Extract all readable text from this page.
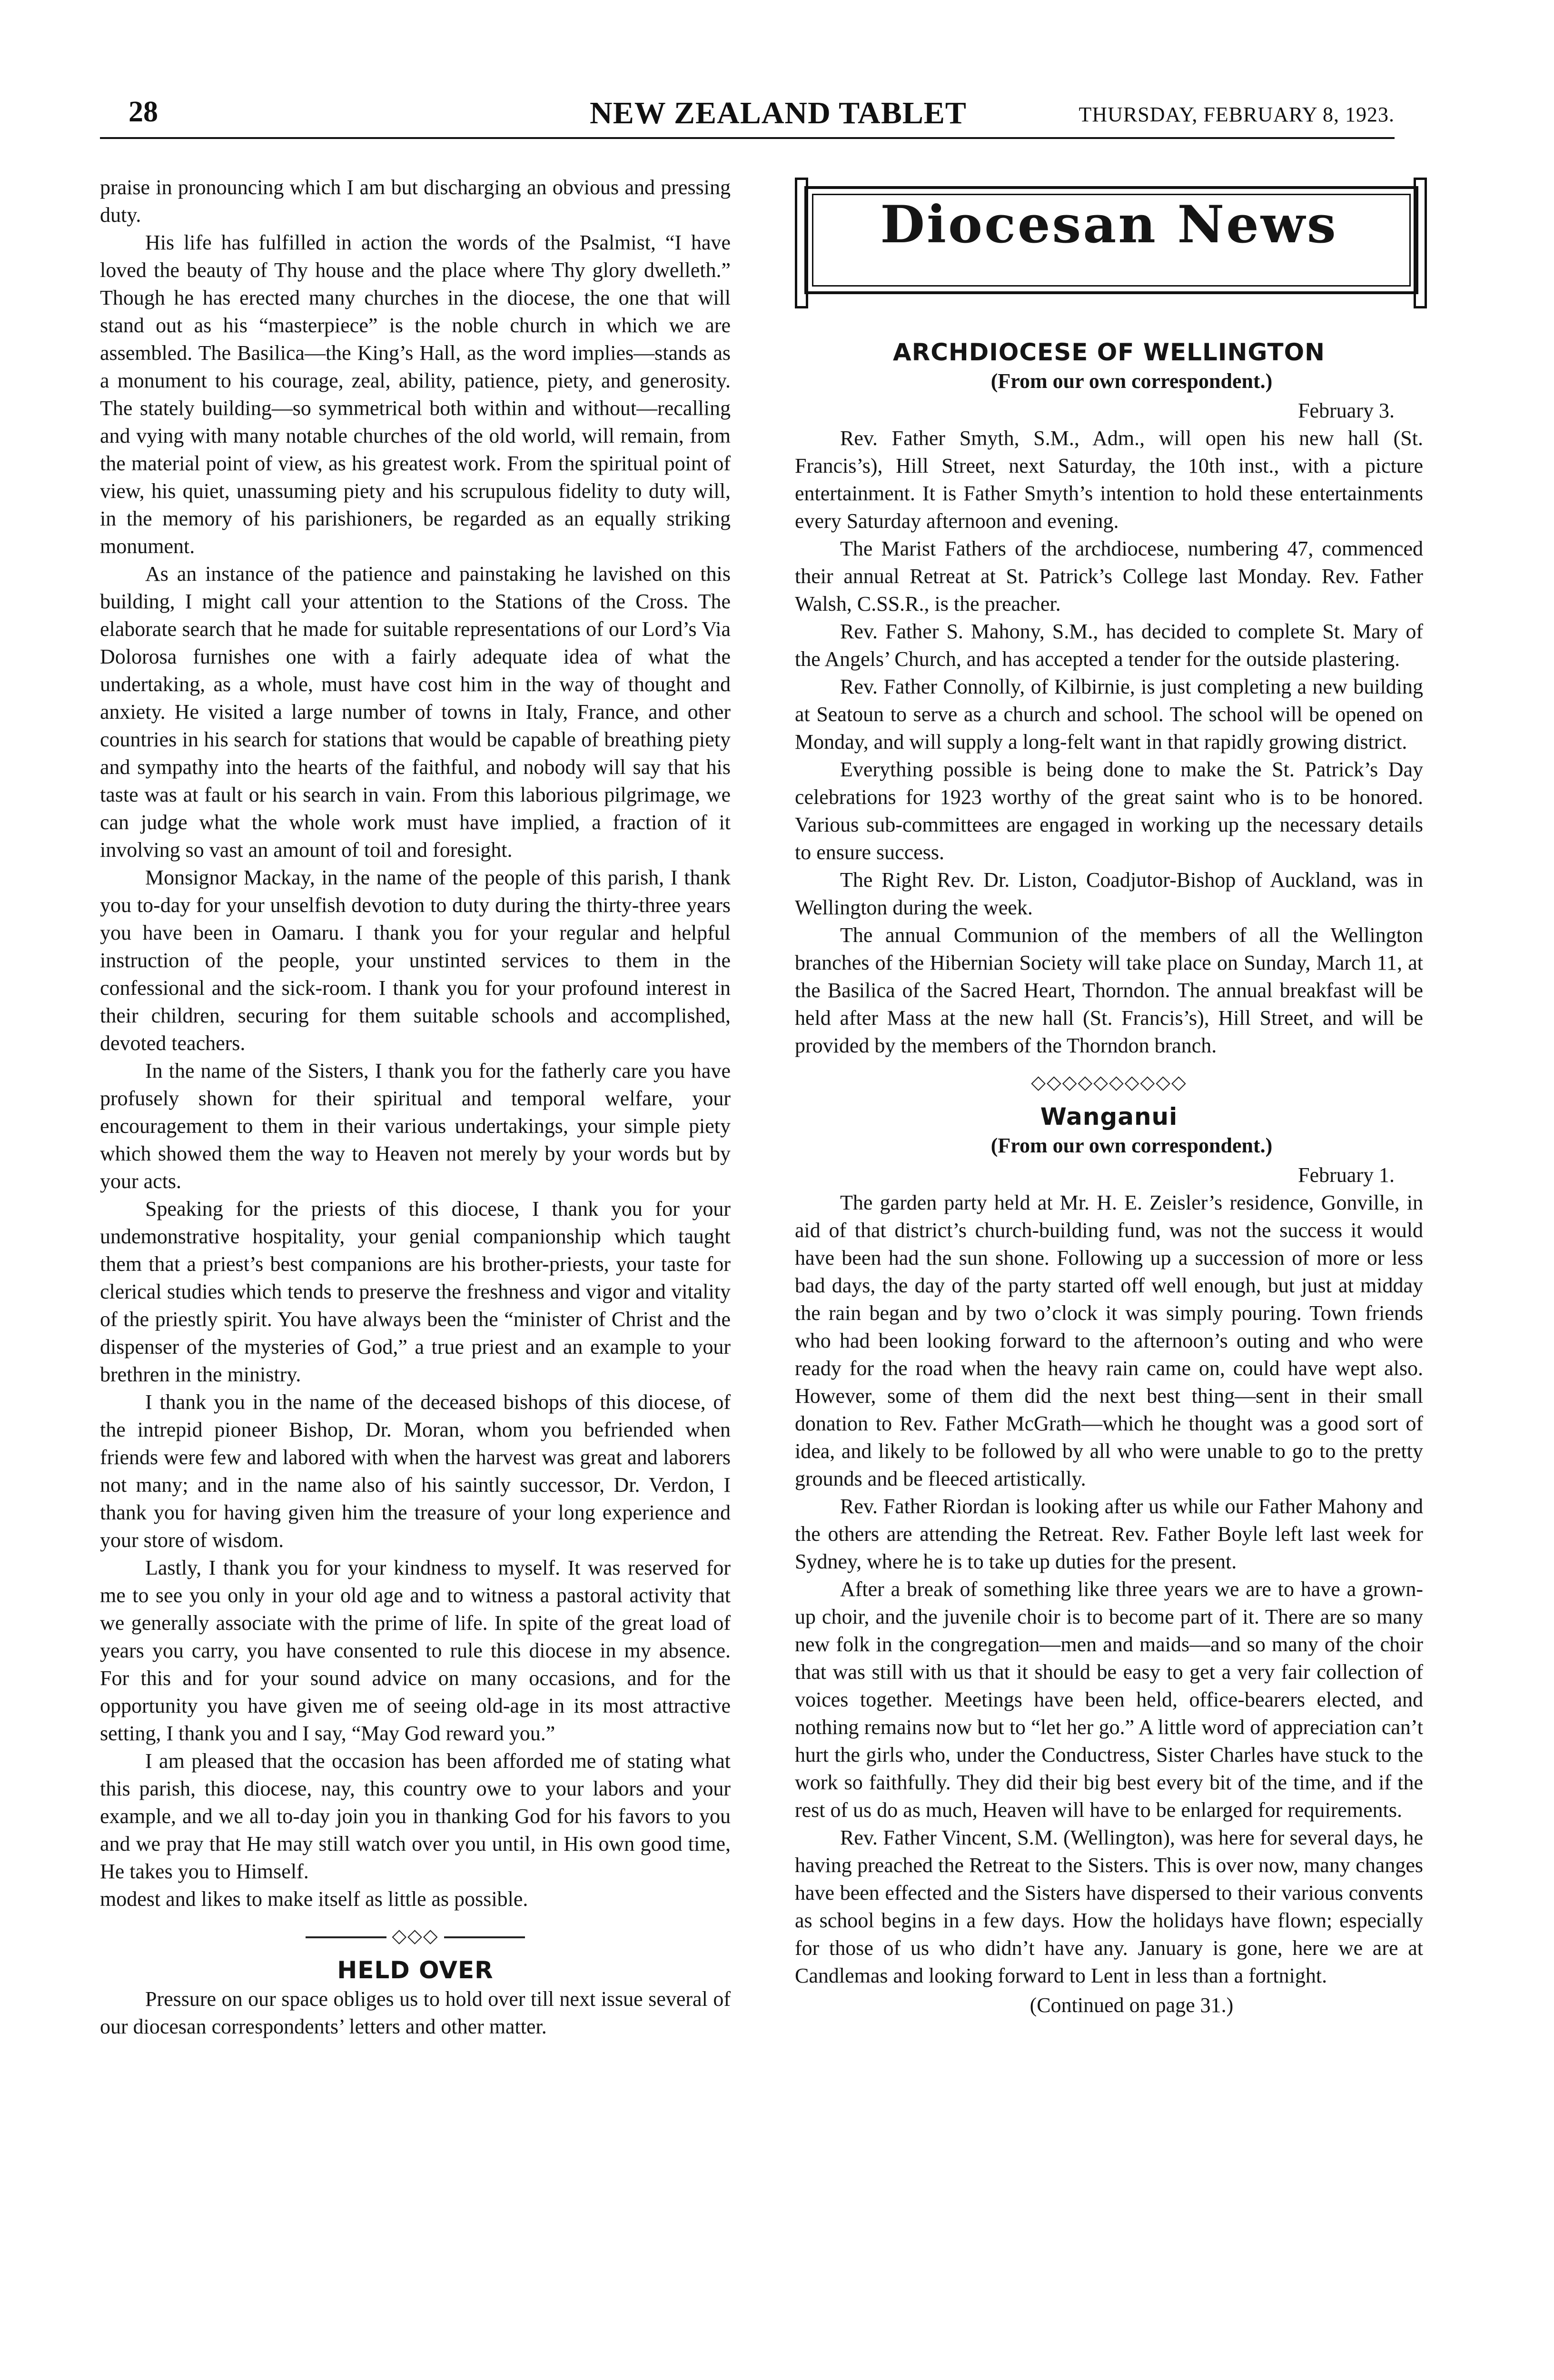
28	NEW ZEALAND TABLET	THURSDAY, FEBRUARY 8, 1923.

praise in pronouncing which I am but discharging an obvious and pressing duty.

His life has fulfilled in action the words of the Psalmist, “I have loved the beauty of Thy house and the place where Thy glory dwelleth.” Though he has erected many churches in the diocese, the one that will stand out as his “masterpiece” is the noble church in which we are assembled. The Basilica—the King’s Hall, as the word implies—stands as a monument to his courage, zeal, ability, patience, piety, and generosity. The stately building—so symmetrical both within and without—recalling and vying with many notable churches of the old world, will remain, from the material point of view, as his greatest work. From the spiritual point of view, his quiet, unassuming piety and his scrupulous fidelity to duty will, in the memory of his parishioners, be regarded as an equally striking monument.

As an instance of the patience and painstaking he lavished on this building, I might call your attention to the Stations of the Cross. The elaborate search that he made for suitable representations of our Lord’s Via Dolorosa furnishes one with a fairly adequate idea of what the undertaking, as a whole, must have cost him in the way of thought and anxiety. He visited a large number of towns in Italy, France, and other countries in his search for stations that would be capable of breathing piety and sympathy into the hearts of the faithful, and nobody will say that his taste was at fault or his search in vain. From this laborious pilgrimage, we can judge what the whole work must have implied, a fraction of it involving so vast an amount of toil and foresight.

Monsignor Mackay, in the name of the people of this parish, I thank you to-day for your unselfish devotion to duty during the thirty-three years you have been in Oamaru. I thank you for your regular and helpful instruction of the people, your unstinted services to them in the confessional and the sick-room. I thank you for your profound interest in their children, securing for them suitable schools and accomplished, devoted teachers.

In the name of the Sisters, I thank you for the fatherly care you have profusely shown for their spiritual and temporal welfare, your encouragement to them in their various undertakings, your simple piety which showed them the way to Heaven not merely by your words but by your acts.

Speaking for the priests of this diocese, I thank you for your undemonstrative hospitality, your genial companionship which taught them that a priest’s best companions are his brother-priests, your taste for clerical studies which tends to preserve the freshness and vigor and vitality of the priestly spirit. You have always been the “minister of Christ and the dispenser of the mysteries of God,” a true priest and an example to your brethren in the ministry.

I thank you in the name of the deceased bishops of this diocese, of the intrepid pioneer Bishop, Dr. Moran, whom you befriended when friends were few and labored with when the harvest was great and laborers not many; and in the name also of his saintly successor, Dr. Verdon, I thank you for having given him the treasure of your long experience and your store of wisdom.

Lastly, I thank you for your kindness to myself. It was reserved for me to see you only in your old age and to witness a pastoral activity that we generally associate with the prime of life. In spite of the great load of years you carry, you have consented to rule this diocese in my absence. For this and for your sound advice on many occasions, and for the opportunity you have given me of seeing old-age in its most attractive setting, I thank you and I say, “May God reward you.”

I am pleased that the occasion has been afforded me of stating what this parish, this diocese, nay, this country owe to your labors and your example, and we all to-day join you in thanking God for his favors to you and we pray that He may still watch over you until, in His own good time, He takes you to Himself.

modest and likes to make itself as little as possible.

◇◇◇
HELD OVER

Pressure on our space obliges us to hold over till next issue several of our diocesan correspondents’ letters and other matter.

Diocesan News
ARCHDIOCESE OF WELLINGTON

(From our own correspondent.)

February 3.

Rev. Father Smyth, S.M., Adm., will open his new hall (St. Francis’s), Hill Street, next Saturday, the 10th inst., with a picture entertainment. It is Father Smyth’s intention to hold these entertainments every Saturday afternoon and evening.

The Marist Fathers of the archdiocese, numbering 47, commenced their annual Retreat at St. Patrick’s College last Monday. Rev. Father Walsh, C.SS.R., is the preacher.

Rev. Father S. Mahony, S.M., has decided to complete St. Mary of the Angels’ Church, and has accepted a tender for the outside plastering.

Rev. Father Connolly, of Kilbirnie, is just completing a new building at Seatoun to serve as a church and school. The school will be opened on Monday, and will supply a long-felt want in that rapidly growing district.

Everything possible is being done to make the St. Patrick’s Day celebrations for 1923 worthy of the great saint who is to be honored. Various sub-committees are engaged in working up the necessary details to ensure success.

The Right Rev. Dr. Liston, Coadjutor-Bishop of Auckland, was in Wellington during the week.

The annual Communion of the members of all the Wellington branches of the Hibernian Society will take place on Sunday, March 11, at the Basilica of the Sacred Heart, Thorndon. The annual breakfast will be held after Mass at the new hall (St. Francis’s), Hill Street, and will be provided by the members of the Thorndon branch.

◇◇◇◇◇◇◇◇◇◇
Wanganui

(From our own correspondent.)

February 1.

The garden party held at Mr. H. E. Zeisler’s residence, Gonville, in aid of that district’s church-building fund, was not the success it would have been had the sun shone. Following up a succession of more or less bad days, the day of the party started off well enough, but just at midday the rain began and by two o’clock it was simply pouring. Town friends who had been looking forward to the afternoon’s outing and who were ready for the road when the heavy rain came on, could have wept also. However, some of them did the next best thing—sent in their small donation to Rev. Father McGrath—which he thought was a good sort of idea, and likely to be followed by all who were unable to go to the pretty grounds and be fleeced artistically.

Rev. Father Riordan is looking after us while our Father Mahony and the others are attending the Retreat. Rev. Father Boyle left last week for Sydney, where he is to take up duties for the present.

After a break of something like three years we are to have a grown-up choir, and the juvenile choir is to become part of it. There are so many new folk in the congregation—men and maids—and so many of the choir that was still with us that it should be easy to get a very fair collection of voices together. Meetings have been held, office-bearers elected, and nothing remains now but to “let her go.” A little word of appreciation can’t hurt the girls who, under the Conductress, Sister Charles have stuck to the work so faithfully. They did their big best every bit of the time, and if the rest of us do as much, Heaven will have to be enlarged for requirements.

Rev. Father Vincent, S.M. (Wellington), was here for several days, he having preached the Retreat to the Sisters. This is over now, many changes have been effected and the Sisters have dispersed to their various convents as school begins in a few days. How the holidays have flown; especially for those of us who didn’t have any. January is gone, here we are at Candlemas and looking forward to Lent in less than a fortnight.

(Continued on page 31.)
